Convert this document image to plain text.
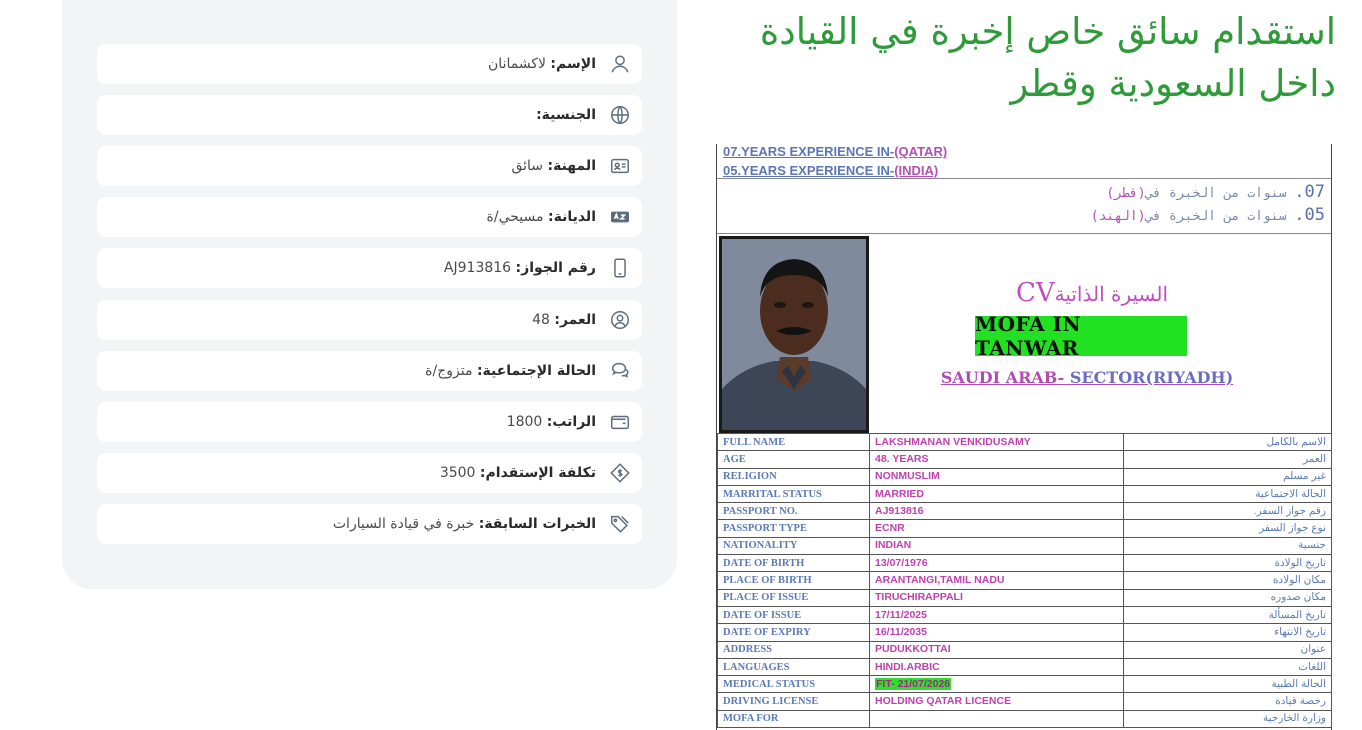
الإسم: لاكشمانان
الجنسية:
المهنة: سائق
الديانة: مسيحي/ة
رقم الجواز: AJ913816
العمر: 48
الحالة الإجتماعية: متزوج/ة
الراتب: 1800
تكلفة الإستقدام: 3500
الخبرات السابقة: خبرة في قيادة السيارات
استقدام سائق خاص إخبرة في القيادة
داخل السعودية وقطر
07.YEARS EXPERIENCE IN-(QATAR)
05.YEARS EXPERIENCE IN-(INDIA)
07. سنوات من الخبرة في(قطر)
05. سنوات من الخبرة في(الهند)
CVالسيرة الذاتية
MOFA IN TANWAR
SAUDI ARAB- SECTOR(RIYADH)
FULL NAME	LAKSHMANAN VENKIDUSAMY	الاسم بالكامل
AGE	48. YEARS	العمر
RELIGION	NONMUSLIM	غير مسلم
MARRITAL STATUS	MARRIED	الحالة الاجتماعية
PASSPORT NO.	AJ913816	رقم جواز السفر.
PASSPORT TYPE	ECNR	نوع جواز السفر
NATIONALITY	INDIAN	جنسية
DATE OF BIRTH	13/07/1976	تاريخ الولادة
PLACE OF BIRTH	ARANTANGI,TAMIL NADU	مكان الولادة
PLACE OF ISSUE	TIRUCHIRAPPALI	مكان صدوره
DATE OF ISSUE	17/11/2025	تاريخ المسألة
DATE OF EXPIRY	16/11/2035	تاريخ الانتهاء
ADDRESS	PUDUKKOTTAI	عنوان
LANGUAGES	HINDI.ARBIC	اللغات
MEDICAL STATUS	FIT- 21/07/2026	الحالة الطبية
DRIVING LICENSE	HOLDING QATAR LICENCE	رخصة قيادة
MOFA FOR		وزارة الخارجية
